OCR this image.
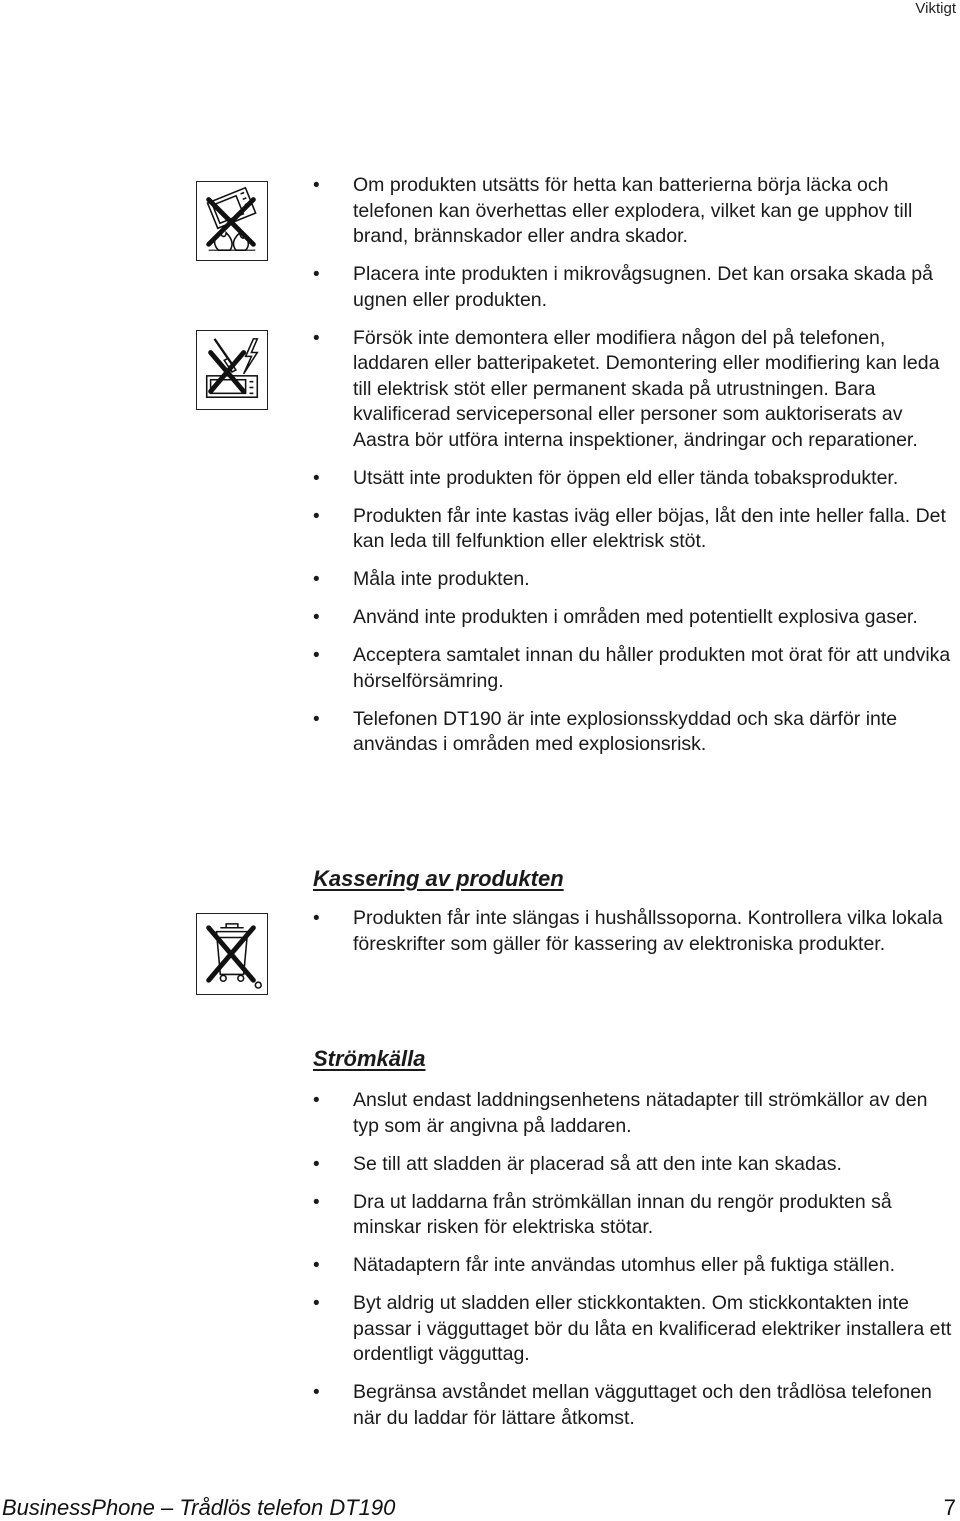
Viktigt
• Om produkten utsätts för hetta kan batterierna börja läcka och telefonen kan överhettas eller explodera, vilket kan ge upphov till brand, brännskador eller andra skador.
• Placera inte produkten i mikrovågsugnen. Det kan orsaka skada på ugnen eller produkten.
• Försök inte demontera eller modifiera någon del på telefonen, laddaren eller batteripaketet. Demontering eller modifiering kan leda till elektrisk stöt eller permanent skada på utrustningen. Bara kvalificerad servicepersonal eller personer som auktoriserats av Aastra bör utföra interna inspektioner, ändringar och reparationer.
• Utsätt inte produkten för öppen eld eller tända tobaksprodukter.
• Produkten får inte kastas iväg eller böjas, låt den inte heller falla. Det kan leda till felfunktion eller elektrisk stöt.
• Måla inte produkten.
• Använd inte produkten i områden med potentiellt explosiva gaser.
• Acceptera samtalet innan du håller produkten mot örat för att undvika hörselförsämring.
• Telefonen DT190 är inte explosionsskyddad och ska därför inte användas i områden med explosionsrisk.
Kassering av produkten
• Produkten får inte slängas i hushållssoporna. Kontrollera vilka lokala föreskrifter som gäller för kassering av elektroniska produkter.
Strömkälla
• Anslut endast laddningsenhetens nätadapter till strömkällor av den typ som är angivna på laddaren.
• Se till att sladden är placerad så att den inte kan skadas.
• Dra ut laddarna från strömkällan innan du rengör produkten så minskar risken för elektriska stötar.
• Nätadaptern får inte användas utomhus eller på fuktiga ställen.
• Byt aldrig ut sladden eller stickkontakten. Om stickkontakten inte passar i vägguttaget bör du låta en kvalificerad elektriker installera ett ordentligt vägguttag.
• Begränsa avståndet mellan vägguttaget och den trådlösa telefonen när du laddar för lättare åtkomst.
BusinessPhone – Trådlös telefon DT190	7
